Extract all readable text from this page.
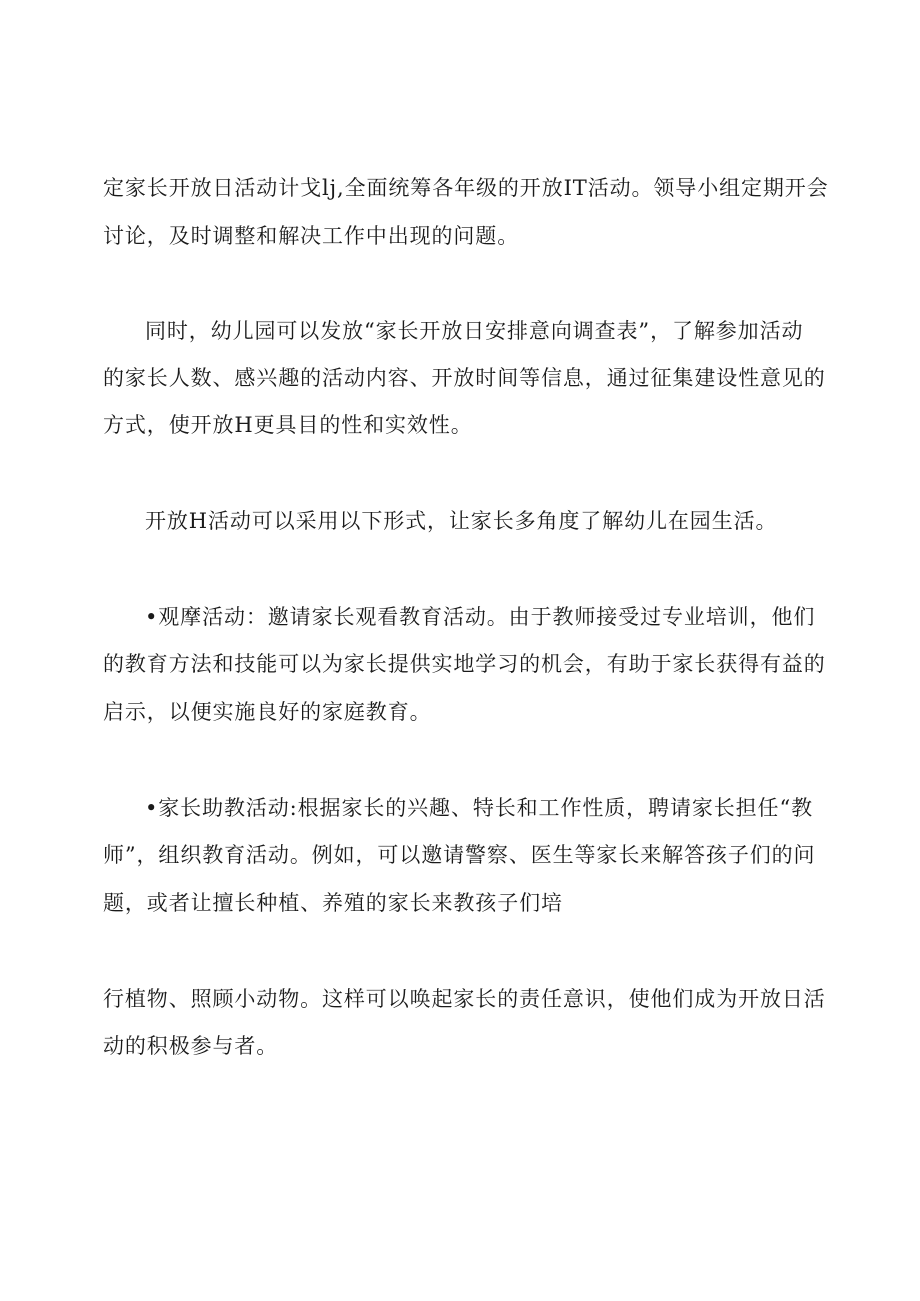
定家长开放日活动计戈lj,全面统筹各年级的开放IT活动。领导小组定期开会
讨论，及时调整和解决工作中出现的问题。
同时，幼儿园可以发放“家长开放日安排意向调查表”，了解参加活动
的家长人数、感兴趣的活动内容、开放时间等信息，通过征集建设性意见的
方式，使开放H更具目的性和实效性。
开放H活动可以采用以下形式，让家长多角度了解幼儿在园生活。
•观摩活动：邀请家长观看教育活动。由于教师接受过专业培训，他们
的教育方法和技能可以为家长提供实地学习的机会，有助于家长获得有益的
启示，以便实施良好的家庭教育。
•家长助教活动:根据家长的兴趣、特长和工作性质，聘请家长担任“教
师”，组织教育活动。例如，可以邀请警察、医生等家长来解答孩子们的问
题，或者让擅长种植、养殖的家长来教孩子们培
行植物、照顾小动物。这样可以唤起家长的责任意识，使他们成为开放日活
动的积极参与者。
